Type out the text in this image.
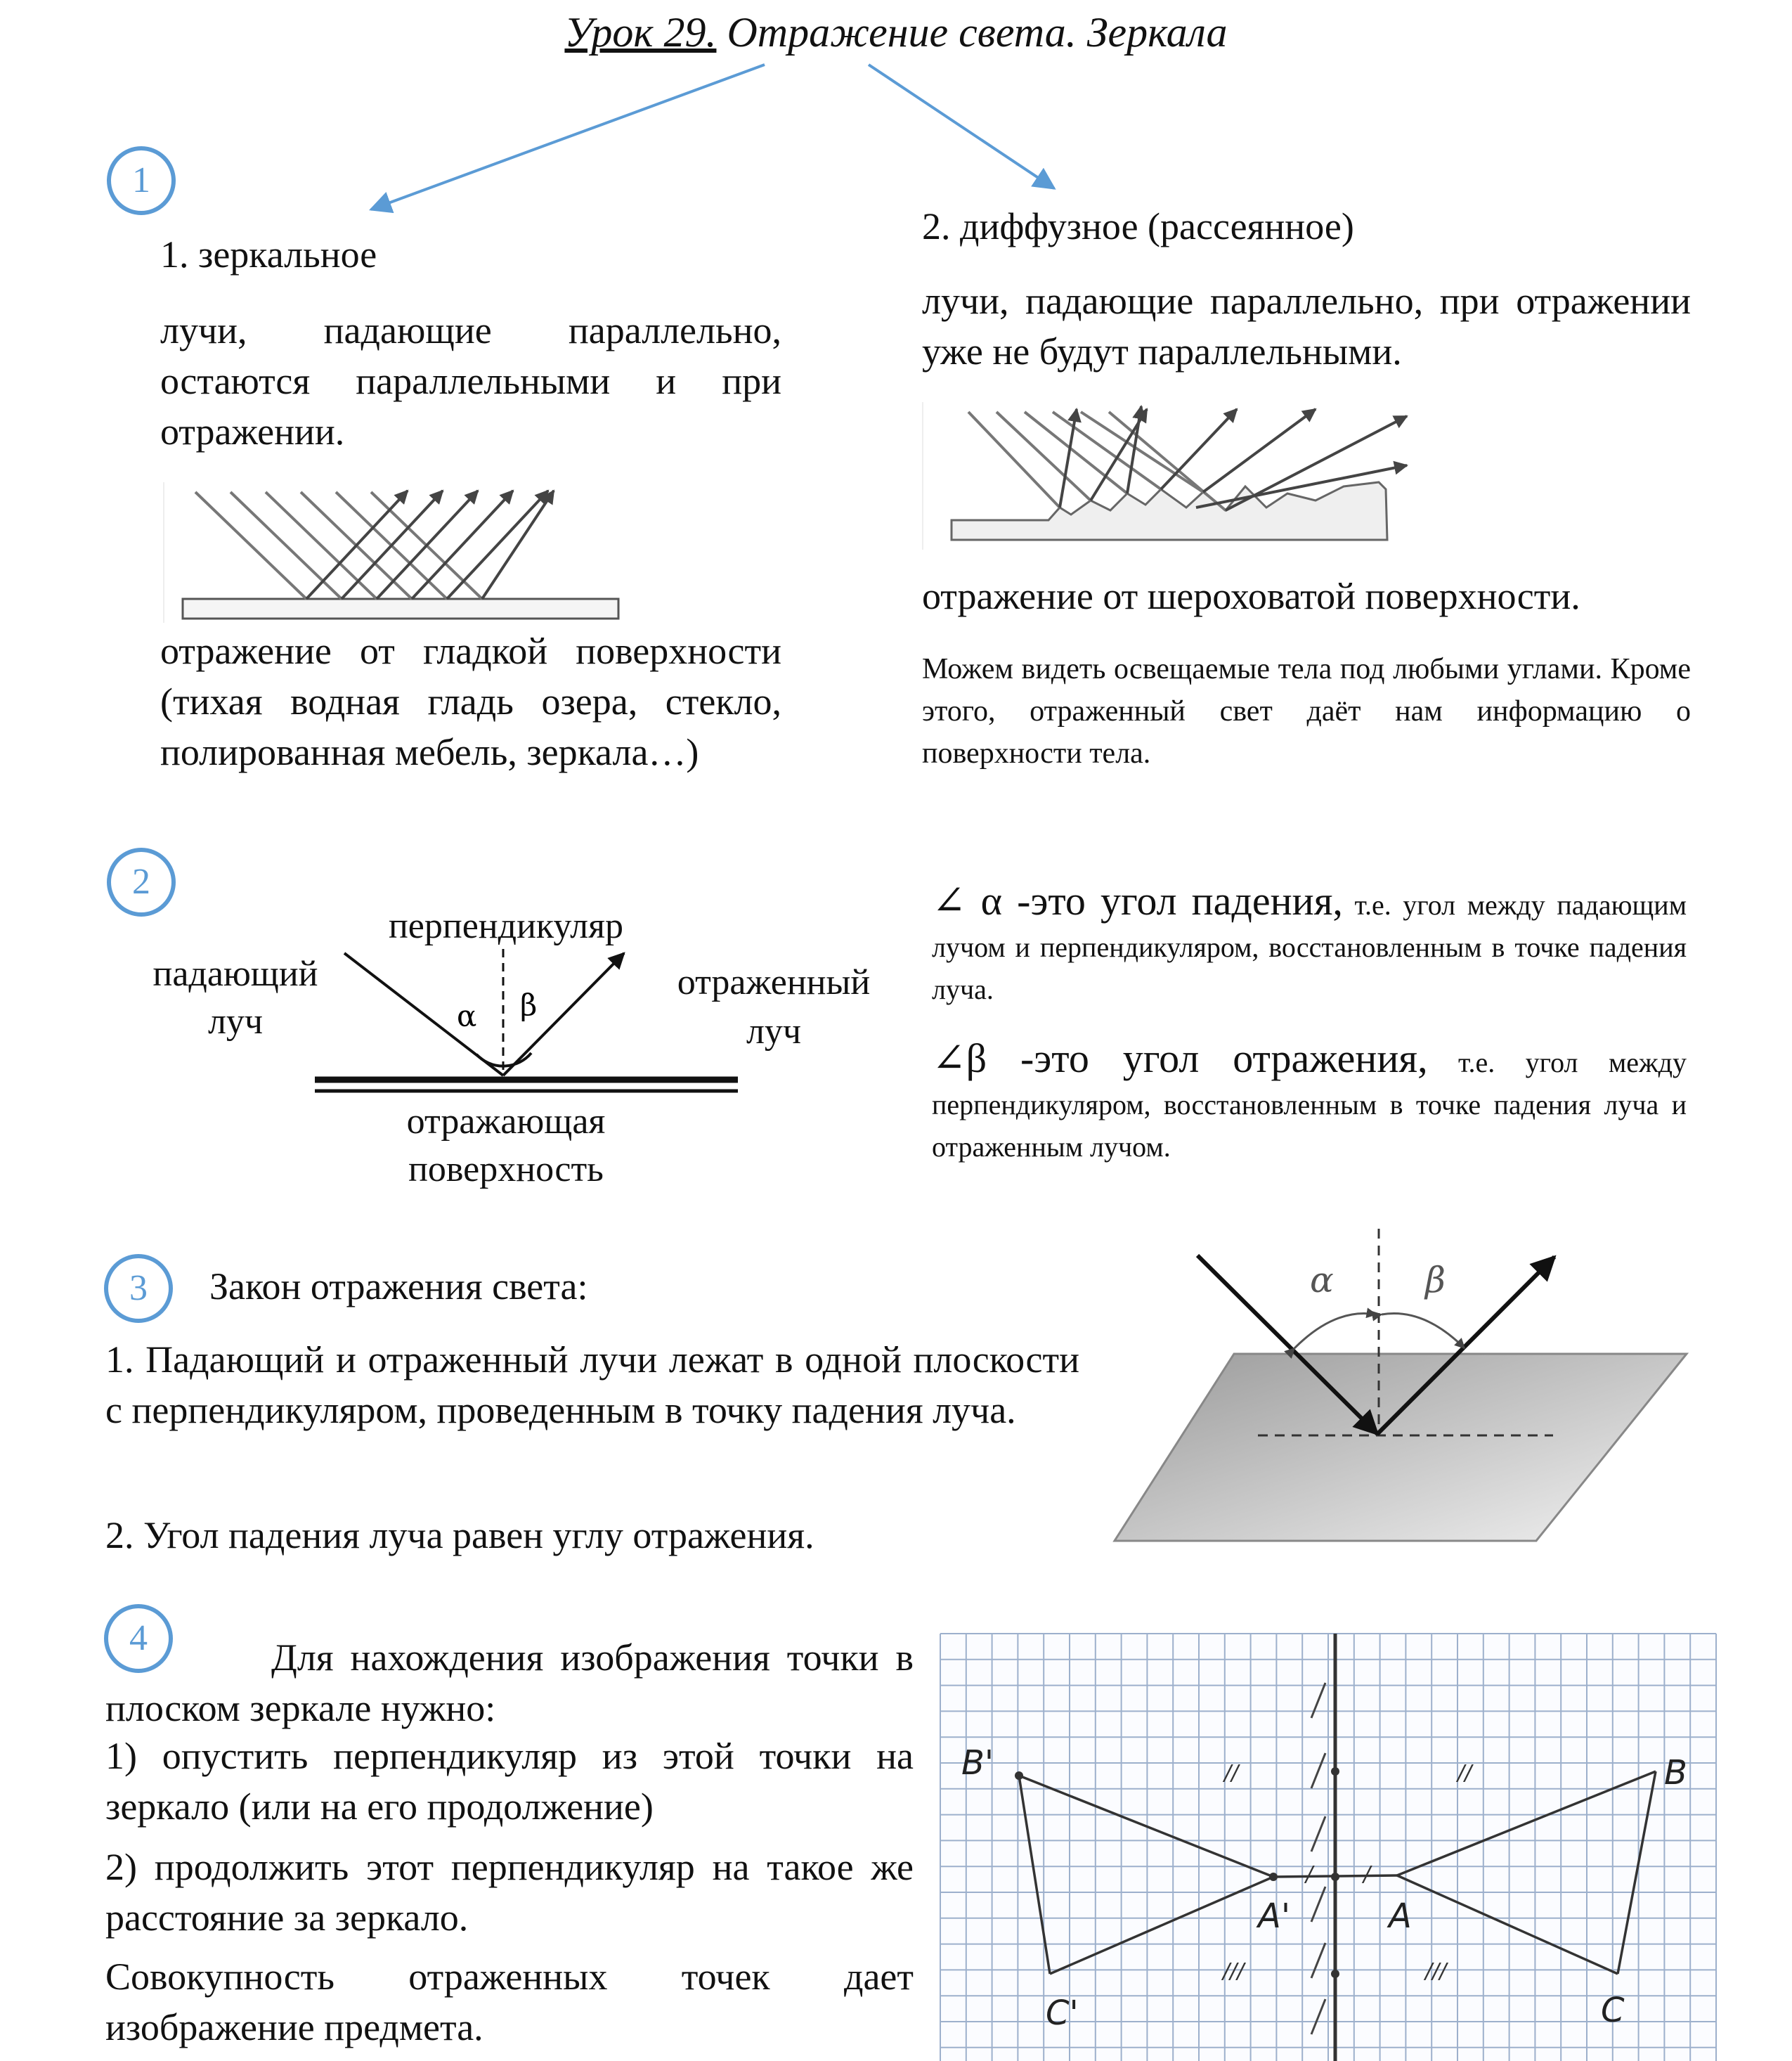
Урок 29. Отражение света. Зеркала
1
1. зеркальное
лучи, падающие параллельно, остаются параллельными и при отражении.
отражение от гладкой поверхности (тихая водная гладь озера, стекло, полированная мебель, зеркала…)
2. диффузное (рассеянное)
лучи, падающие параллельно, при отражении уже не будут параллельными.
отражение от шероховатой поверхности.
Можем видеть освещаемые тела под любыми углами. Кроме этого, отраженный свет даёт нам информацию о поверхности тела.
2
перпендикуляр
падающий
луч
отраженный
луч
отражающая
поверхность
α β
∠ α -это угол падения, т.е. угол между падающим лучом и перпендикуляром, восстановленным в точке падения луча.
∠β -это угол отражения, т.е. угол между перпендикуляром, восстановленным в точке падения луча и отраженным лучом.
3	Закон отражения света:
1. Падающий и отраженный лучи лежат в одной плоскости с перпендикуляром, проведенным в точку падения луча.
2. Угол падения луча равен углу отражения.
α	β
4	Для нахождения изображения точки в плоском зеркале нужно:
1) опустить перпендикуляр из этой точки на зеркало (или на его продолжение)
2) продолжить этот перпендикуляр на такое же расстояние за зеркало.
Совокупность отраженных точек дает изображение предмета.
B'	B
A'	A
C'	C
//	//
/ /
///	///
